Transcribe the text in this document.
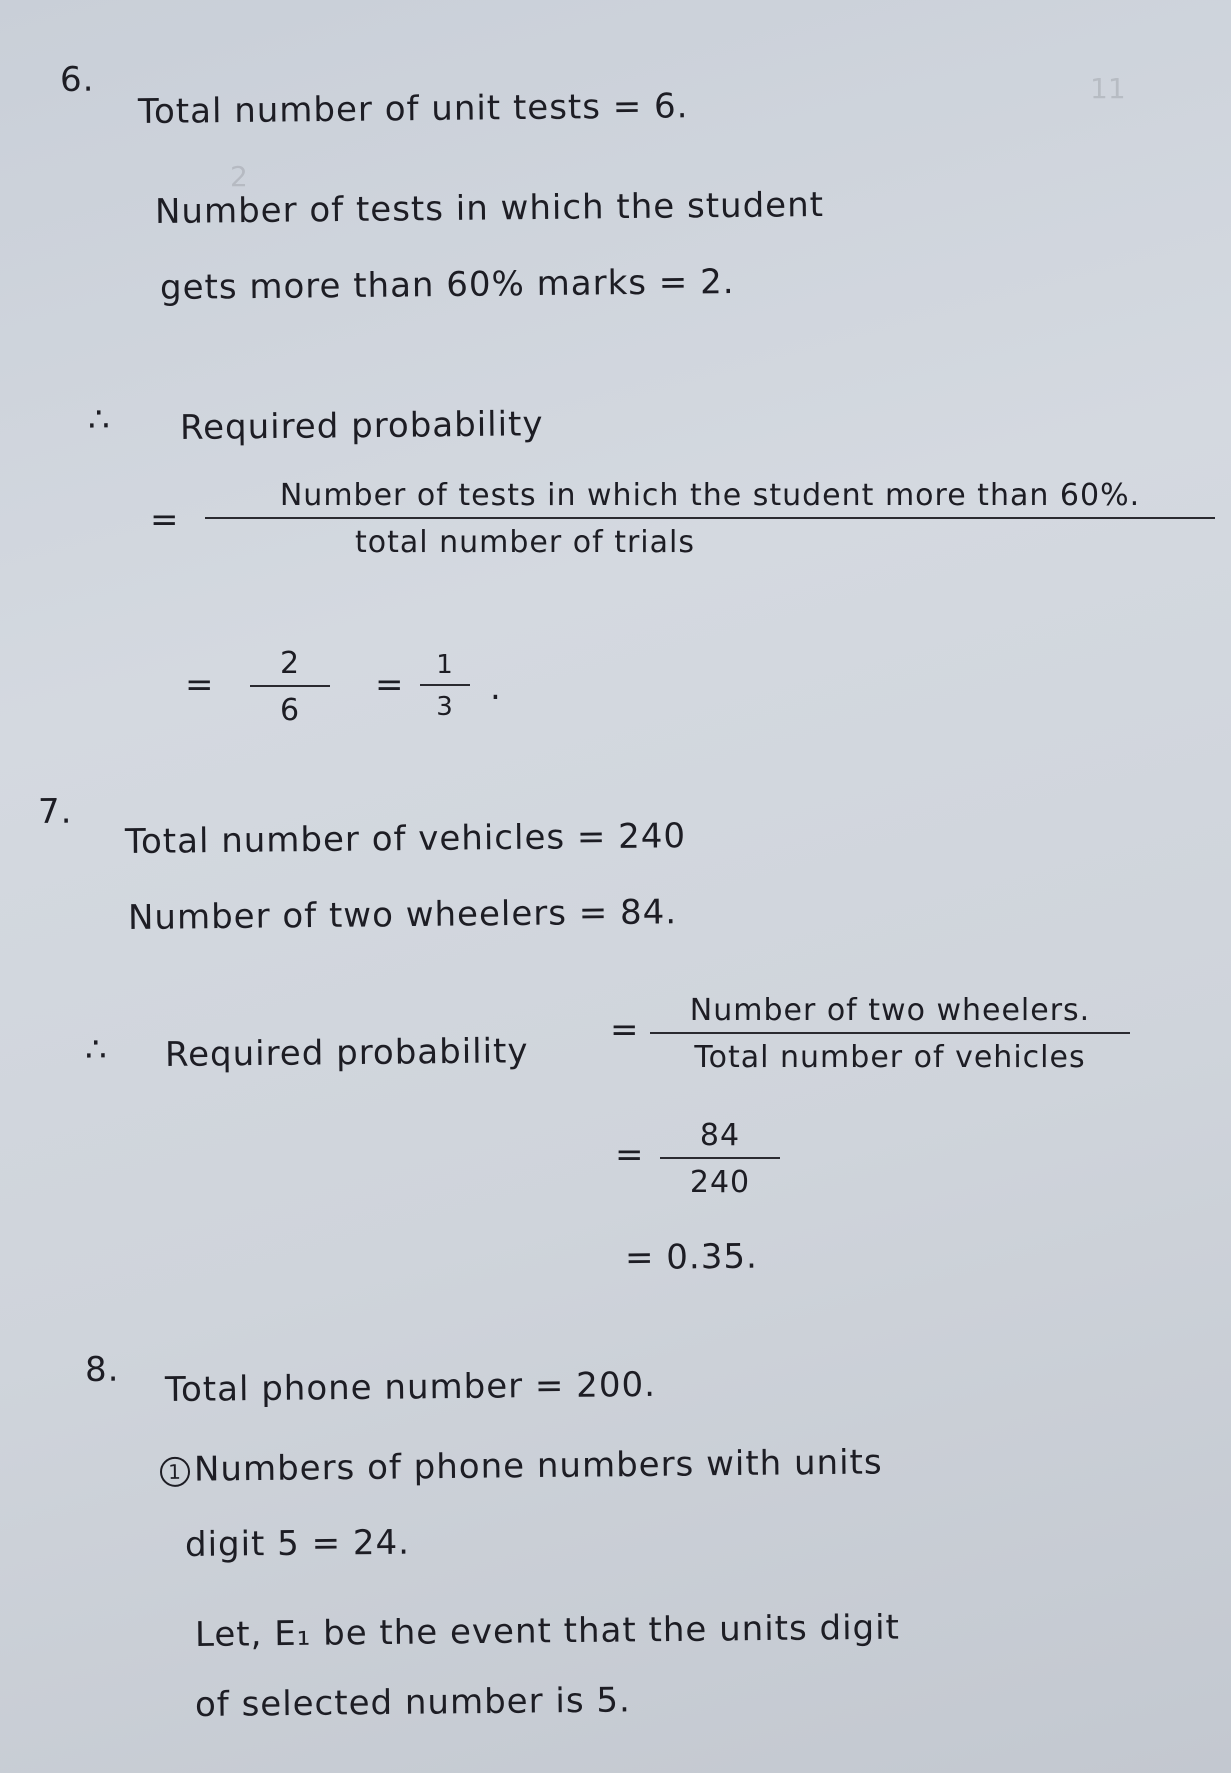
11
2
6.
Total number of unit tests = 6.
Number of tests in which the student
gets more than 60% marks = 2.
∴ Required probability
=
Number of tests in which the student more than 60%.
total number of trials
=
2
6
= 1
3 .
7.
Total number of vehicles = 240
Number of two wheelers = 84.
∴ Required probability
= Number of two wheelers.
Total number of vehicles
= 84
240
= 0.35.
8. Total phone number = 200.
1 Numbers of phone numbers with units
digit 5 = 24.
Let, E₁ be the event that the units digit
of selected number is 5.
